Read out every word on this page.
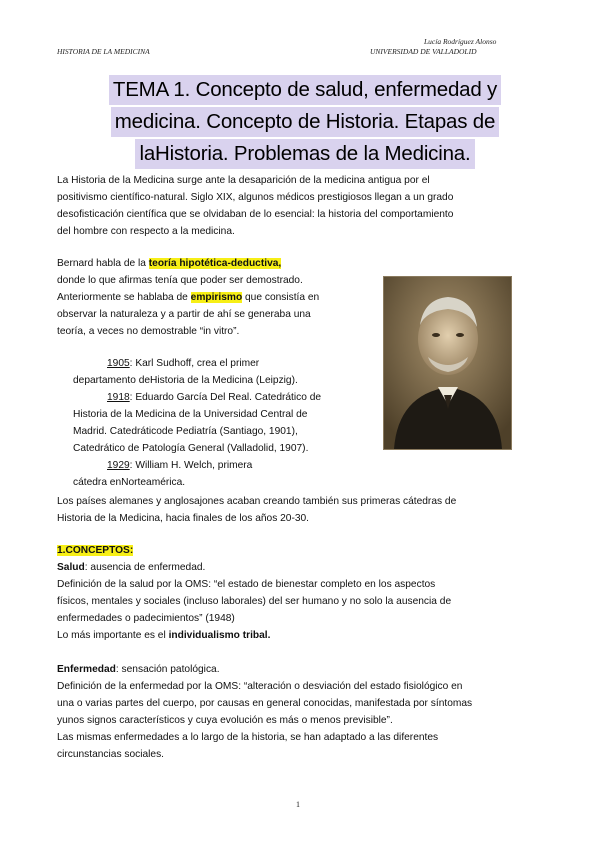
Lucía Rodríguez Alonso
HISTORIA DE LA MEDICINA	UNIVERSIDAD DE VALLADOLID
TEMA 1. Concepto de salud, enfermedad y
medicina. Concepto de Historia. Etapas de
laHistoria. Problemas de la Medicina.
La Historia de la Medicina surge ante la desaparición de la medicina antigua por el
positivismo científico-natural. Siglo XIX, algunos médicos prestigiosos llegan a un grado
desofisticación científica que se olvidaban de lo esencial: la historia del comportamiento
del hombre con respecto a la medicina.
Bernard habla de la teoría hipotética-deductiva,
donde lo que afirmas tenía que poder ser demostrado.
Anteriormente se hablaba de empirismo que consistía en
observar la naturaleza y a partir de ahí se generaba una
teoría, a veces no demostrable “in vitro”.
1905: Karl Sudhoff, crea el primer
departamento deHistoria de la Medicina (Leipzig).
1918: Eduardo García Del Real. Catedrático de
Historia de la Medicina de la Universidad Central de
Madrid. Catedráticode Pediatría (Santiago, 1901),
Catedrático de Patología General (Valladolid, 1907).
1929: William H. Welch, primera
cátedra enNorteamérica.
Los países alemanes y anglosajones acaban creando también sus primeras cátedras de
Historia de la Medicina, hacia finales de los años 20-30.
1.CONCEPTOS:
Salud: ausencia de enfermedad.
Definición de la salud por la OMS: “el estado de bienestar completo en los aspectos
físicos, mentales y sociales (incluso laborales) del ser humano y no solo la ausencia de
enfermedades o padecimientos” (1948)
Lo más importante es el individualismo tribal.
Enfermedad: sensación patológica.
Definición de la enfermedad por la OMS: “alteración o desviación del estado fisiológico en
una o varias partes del cuerpo, por causas en general conocidas, manifestada por síntomas
yunos signos característicos y cuya evolución es más o menos previsible”.
Las mismas enfermedades a lo largo de la historia, se han adaptado a las diferentes
circunstancias sociales.
1
